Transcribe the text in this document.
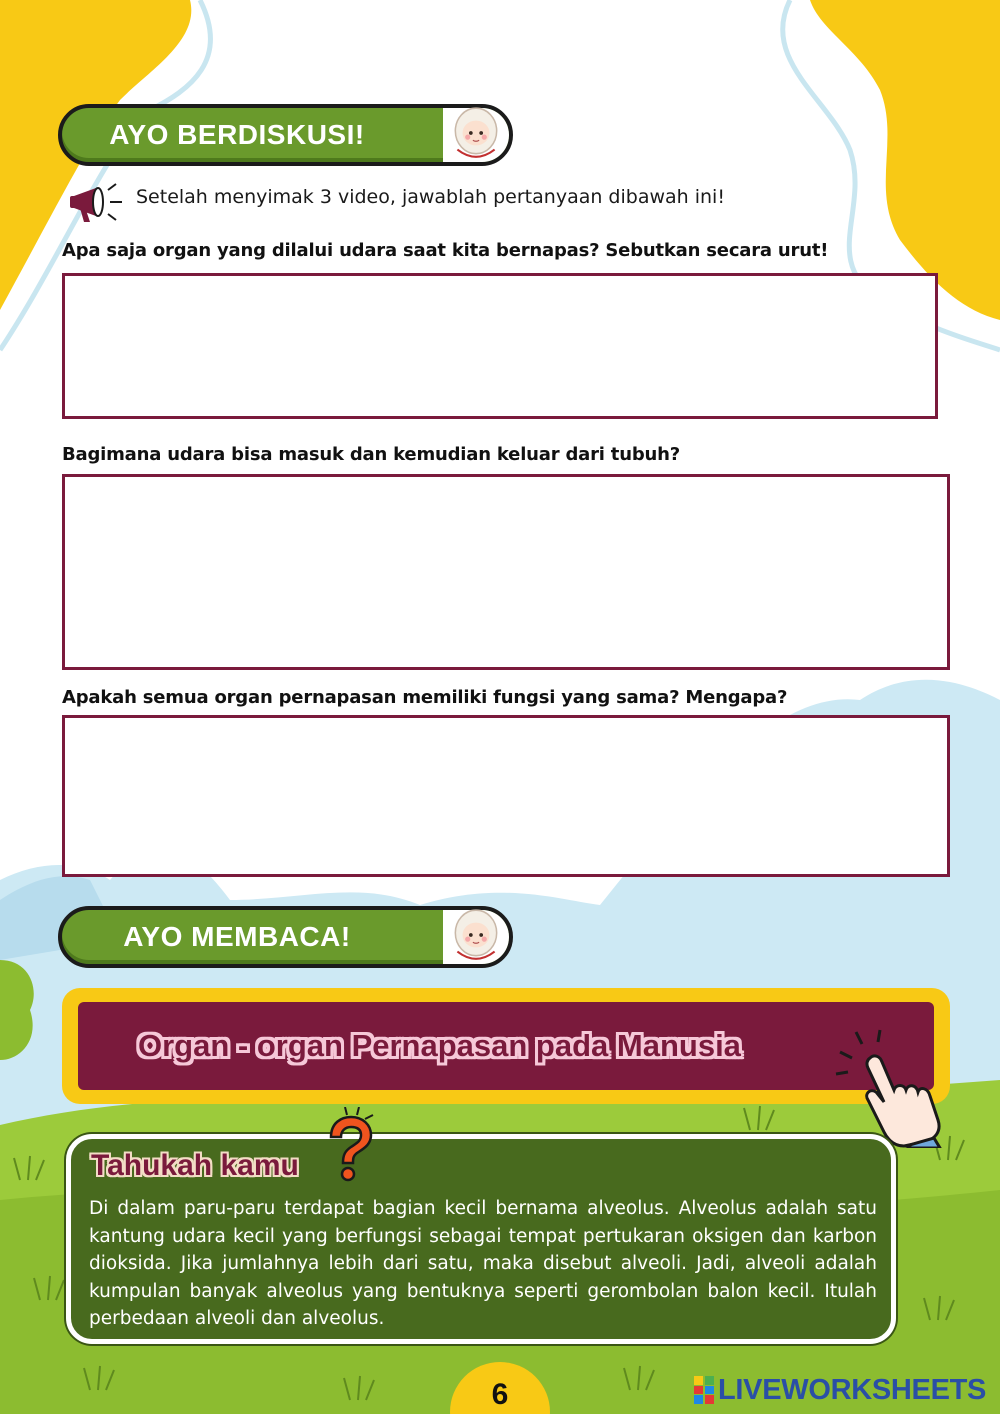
AYO BERDISKUSI!
Setelah menyimak 3 video, jawablah pertanyaan dibawah ini!
Apa saja organ yang dilalui udara saat kita bernapas? Sebutkan secara urut!
Bagimana udara bisa masuk dan kemudian keluar dari tubuh?
Apakah semua organ pernapasan memiliki fungsi yang sama? Mengapa?
AYO MEMBACA!
Organ - organ Pernapasan pada Manusia
Tahukah kamu
Di dalam paru-paru terdapat bagian kecil bernama alveolus. Alveolus adalah satu kantung udara kecil yang berfungsi sebagai tempat pertukaran oksigen dan karbon dioksida. Jika jumlahnya lebih dari satu, maka disebut alveoli. Jadi, alveoli adalah kumpulan banyak alveolus yang bentuknya seperti gerombolan balon kecil. Itulah perbedaan alveoli dan alveolus.
6	LIVEWORKSHEETS
